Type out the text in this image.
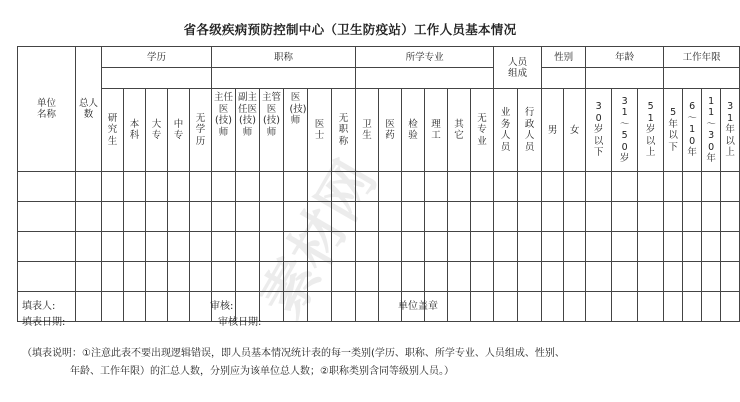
省各级疾病预防控制中心（卫生防疫站）工作人员基本情况
素材网
单位名称	总人数	学历					职称						所学专业						人员组成		性别		年龄			工作年限			

		研究生	本科	大专	中专	无学历	主任医(技)师	副主任医(技)师	主管医(技)师	医(技)师	医士	无职称	卫生	医药	检验	理工	其它	无专业	业务人员	行政人员	男	女	30岁以下	31～50岁	51岁以上	5年以下	6～10年	11～30年	31年以上

填表人:
填表日期:
审核:
审核日期:
单位盖章
（填表说明：①注意此表不要出现逻辑错误，即人员基本情况统计表的每一类别(学历、职称、所学专业、人员组成、性别、
年龄、工作年限）的汇总人数，分别应为该单位总人数；②职称类别含同等级别人员。）
